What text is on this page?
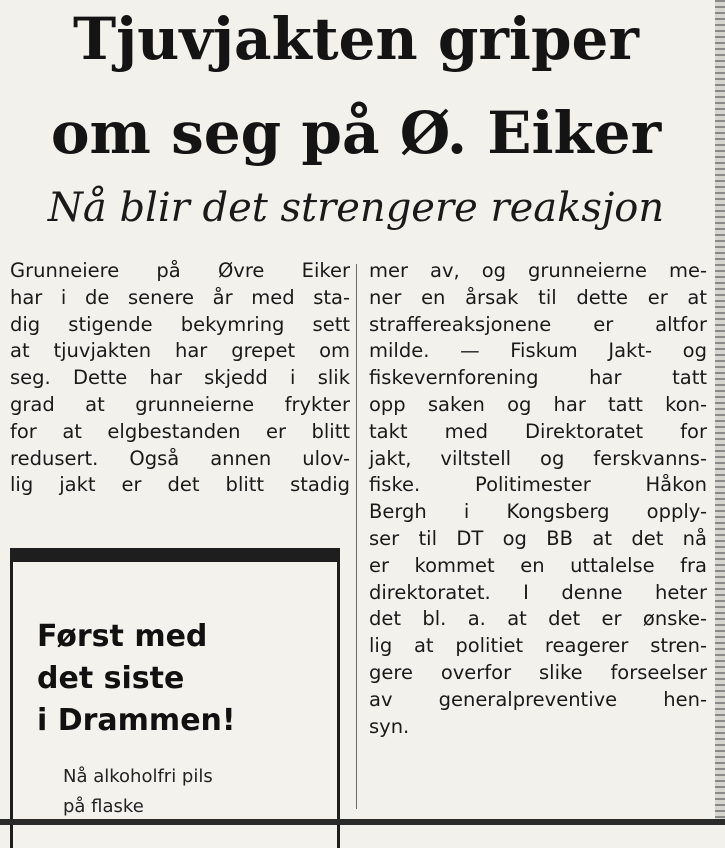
Tjuvjakten griper
om seg på Ø. Eiker
Nå blir det strengere reaksjon
Grunneiere på Øvre Eiker
har i de senere år med sta-
dig stigende bekymring sett
at tjuvjakten har grepet om
seg. Dette har skjedd i slik
grad at grunneierne frykter
for at elgbestanden er blitt
redusert. Også annen ulov-
lig jakt er det blitt stadig
mer av, og grunneierne me-
ner en årsak til dette er at
straffereaksjonene er altfor
milde. — Fiskum Jakt- og
fiskevernforening har tatt
opp saken og har tatt kon-
takt med Direktoratet for
jakt, viltstell og ferskvanns-
fiske. Politimester Håkon
Bergh i Kongsberg opply-
ser til DT og BB at det nå
er kommet en uttalelse fra
direktoratet. I denne heter
det bl. a. at det er ønske-
lig at politiet reagerer stren-
gere overfor slike forseelser
av generalpreventive hen-
syn.
Først med
det siste
i Drammen!
Nå alkoholfri pils
på flaske
